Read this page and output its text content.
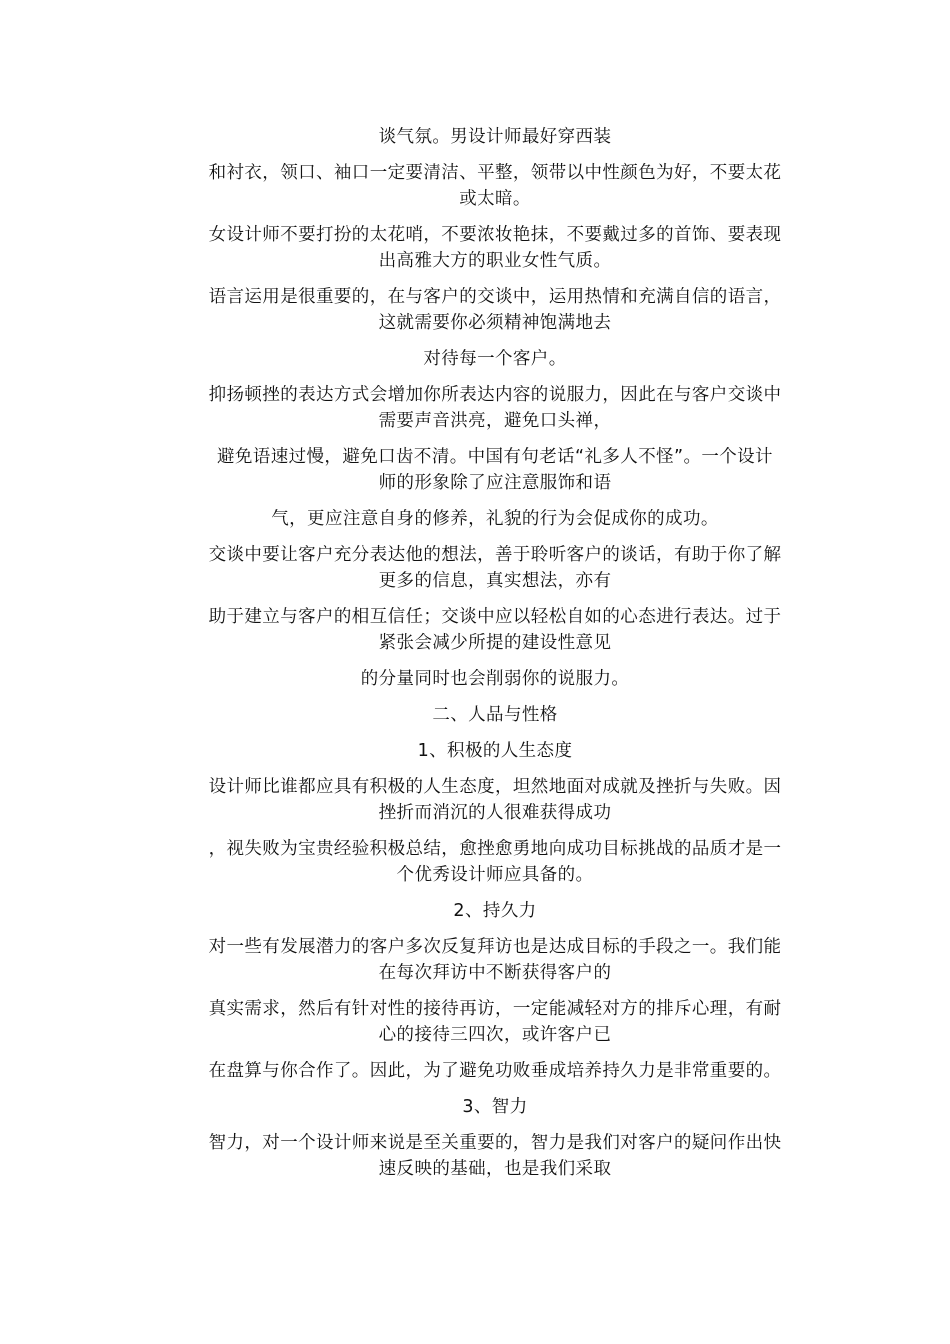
谈气氛。男设计师最好穿西装

和衬衣，领口、袖口一定要清洁、平整，领带以中性颜色为好，不要太花
或太暗。

女设计师不要打扮的太花哨，不要浓妆艳抹，不要戴过多的首饰、要表现
出高雅大方的职业女性气质。

语言运用是很重要的，在与客户的交谈中，运用热情和充满自信的语言，
这就需要你必须精神饱满地去

对待每一个客户。

抑扬顿挫的表达方式会增加你所表达内容的说服力，因此在与客户交谈中
需要声音洪亮，避免口头禅，

避免语速过慢，避免口齿不清。中国有句老话“礼多人不怪”。一个设计
师的形象除了应注意服饰和语

气，更应注意自身的修养，礼貌的行为会促成你的成功。

交谈中要让客户充分表达他的想法，善于聆听客户的谈话，有助于你了解
更多的信息，真实想法，亦有

助于建立与客户的相互信任；交谈中应以轻松自如的心态进行表达。过于
紧张会减少所提的建设性意见

的分量同时也会削弱你的说服力。

二、人品与性格

1、积极的人生态度

设计师比谁都应具有积极的人生态度，坦然地面对成就及挫折与失败。因
挫折而消沉的人很难获得成功

，视失败为宝贵经验积极总结，愈挫愈勇地向成功目标挑战的品质才是一
个优秀设计师应具备的。

2、持久力

对一些有发展潜力的客户多次反复拜访也是达成目标的手段之一。我们能
在每次拜访中不断获得客户的

真实需求，然后有针对性的接待再访，一定能减轻对方的排斥心理，有耐
心的接待三四次，或许客户已

在盘算与你合作了。因此，为了避免功败垂成培养持久力是非常重要的。

3、智力

智力，对一个设计师来说是至关重要的，智力是我们对客户的疑问作出快
速反映的基础，也是我们采取
